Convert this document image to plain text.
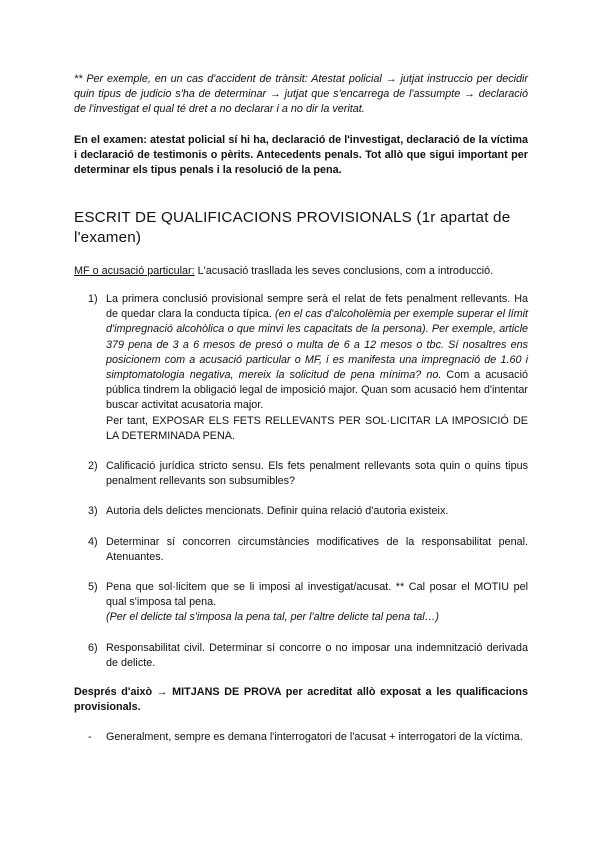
** Per exemple, en un cas d'accident de trànsit: Atestat policial → jutjat instruccio per decidir quin tipus de judicio s'ha de determinar → jutjat que s'encarrega de l'assumpte → declaració de l'investigat el qual té dret a no declarar i a no dir la veritat.
En el examen: atestat policial sí hi ha, declaració de l'investigat, declaració de la víctima i declaració de testimonis o pèrits. Antecedents penals. Tot allò que sigui important per determinar els tipus penals i la resolució de la pena.
ESCRIT DE QUALIFICACIONS PROVISIONALS (1r apartat de l'examen)
MF o acusació particular: L'acusació trasllada les seves conclusions, com a introducció.
1) La primera conclusió provisional sempre serà el relat de fets penalment rellevants. Ha de quedar clara la conducta típica. (en el cas d'alcoholèmia per exemple superar el límit d'impregnació alcohòlica o que minvi les capacitats de la persona). Per exemple, article 379 pena de 3 a 6 mesos de presó o multa de 6 a 12 mesos o tbc. Sí nosaltres ens posicionem com a acusació particular o MF, i es manifesta una impregnació de 1.60 i simptomatologia negativa, mereix la solicitud de pena mínima? no. Com a acusació pública tindrem la obligació legal de imposició major. Quan som acusació hem d'intentar buscar activitat acusatoria major.
Per tant, EXPOSAR ELS FETS RELLEVANTS PER SOL·LICITAR LA IMPOSICIÓ DE LA DETERMINADA PENA.
2) Calificació jurídica stricto sensu. Els fets penalment rellevants sota quin o quins tipus penalment rellevants son subsumibles?
3) Autoria dels delictes mencionats. Definir quina relació d'autoria existeix.
4) Determinar sí concorren circumstàncies modificatives de la responsabilitat penal. Atenuantes.
5) Pena que sol·licitem que se li imposi al investigat/acusat. ** Cal posar el MOTIU pel qual s'imposa tal pena.
(Per el delicte tal s'imposa la pena tal, per l'altre delicte tal pena tal…)
6) Responsabilitat civil. Determinar sí concorre o no imposar una indemnització derivada de delicte.
Després d'això → MITJANS DE PROVA per acreditat allò exposat a les qualificacions provisionals.
-	Generalment, sempre es demana l'interrogatori de l'acusat + interrogatori de la víctima.
